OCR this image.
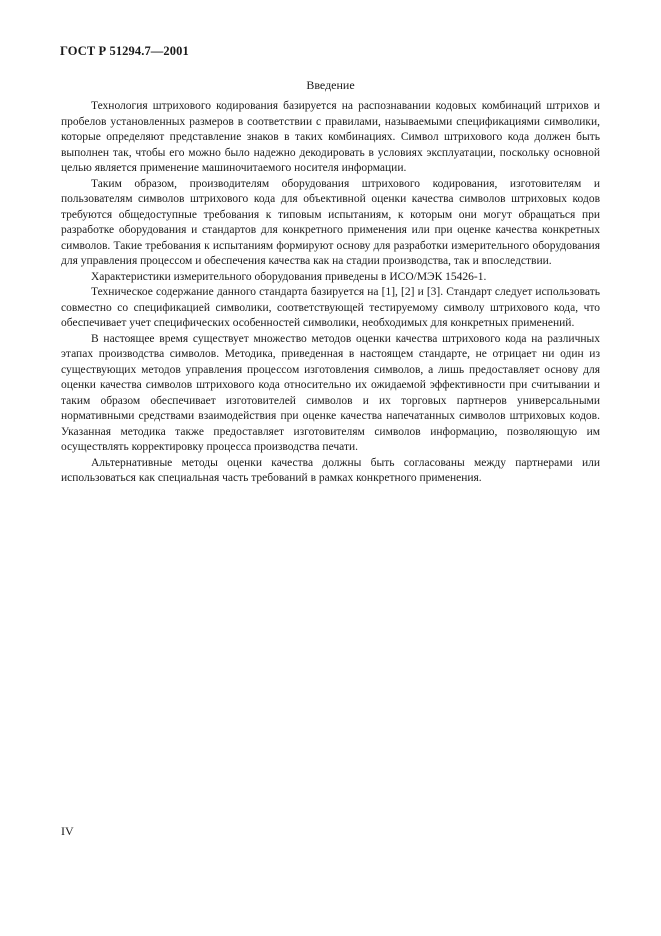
ГОСТ Р 51294.7—2001
Введение

Технология штрихового кодирования базируется на распознавании кодовых комбинаций штрихов и пробелов установленных размеров в соответствии с правилами, называемыми спецификациями символики, которые определяют представление знаков в таких комбинациях. Символ штрихового кода должен быть выполнен так, чтобы его можно было надежно декодировать в условиях эксплуатации, поскольку основной целью является применение машиночитаемого носителя информации.

Таким образом, производителям оборудования штрихового кодирования, изготовителям и пользователям символов штрихового кода для объективной оценки качества символов штриховых кодов требуются общедоступные требования к типовым испытаниям, к которым они могут обращаться при разработке оборудования и стандартов для конкретного применения или при оценке качества конкретных символов. Такие требования к испытаниям формируют основу для разработки измерительного оборудования для управления процессом и обеспечения качества как на стадии производства, так и впоследствии.

Характеристики измерительного оборудования приведены в ИСО/МЭК 15426-1.

Техническое содержание данного стандарта базируется на [1], [2] и [3]. Стандарт следует использовать совместно со спецификацией символики, соответствующей тестируемому символу штрихового кода, что обеспечивает учет специфических особенностей символики, необходимых для конкретных применений.

В настоящее время существует множество методов оценки качества штрихового кода на различных этапах производства символов. Методика, приведенная в настоящем стандарте, не отрицает ни один из существующих методов управления процессом изготовления символов, а лишь предоставляет основу для оценки качества символов штрихового кода относительно их ожидаемой эффективности при считывании и таким образом обеспечивает изготовителей символов и их торговых партнеров универсальными нормативными средствами взаимодействия при оценке качества напечатанных символов штриховых кодов. Указанная методика также предоставляет изготовителям символов информацию, позволяющую им осуществлять корректировку процесса производства печати.

Альтернативные методы оценки качества должны быть согласованы между партнерами или использоваться как специальная часть требований в рамках конкретного применения.

IV
